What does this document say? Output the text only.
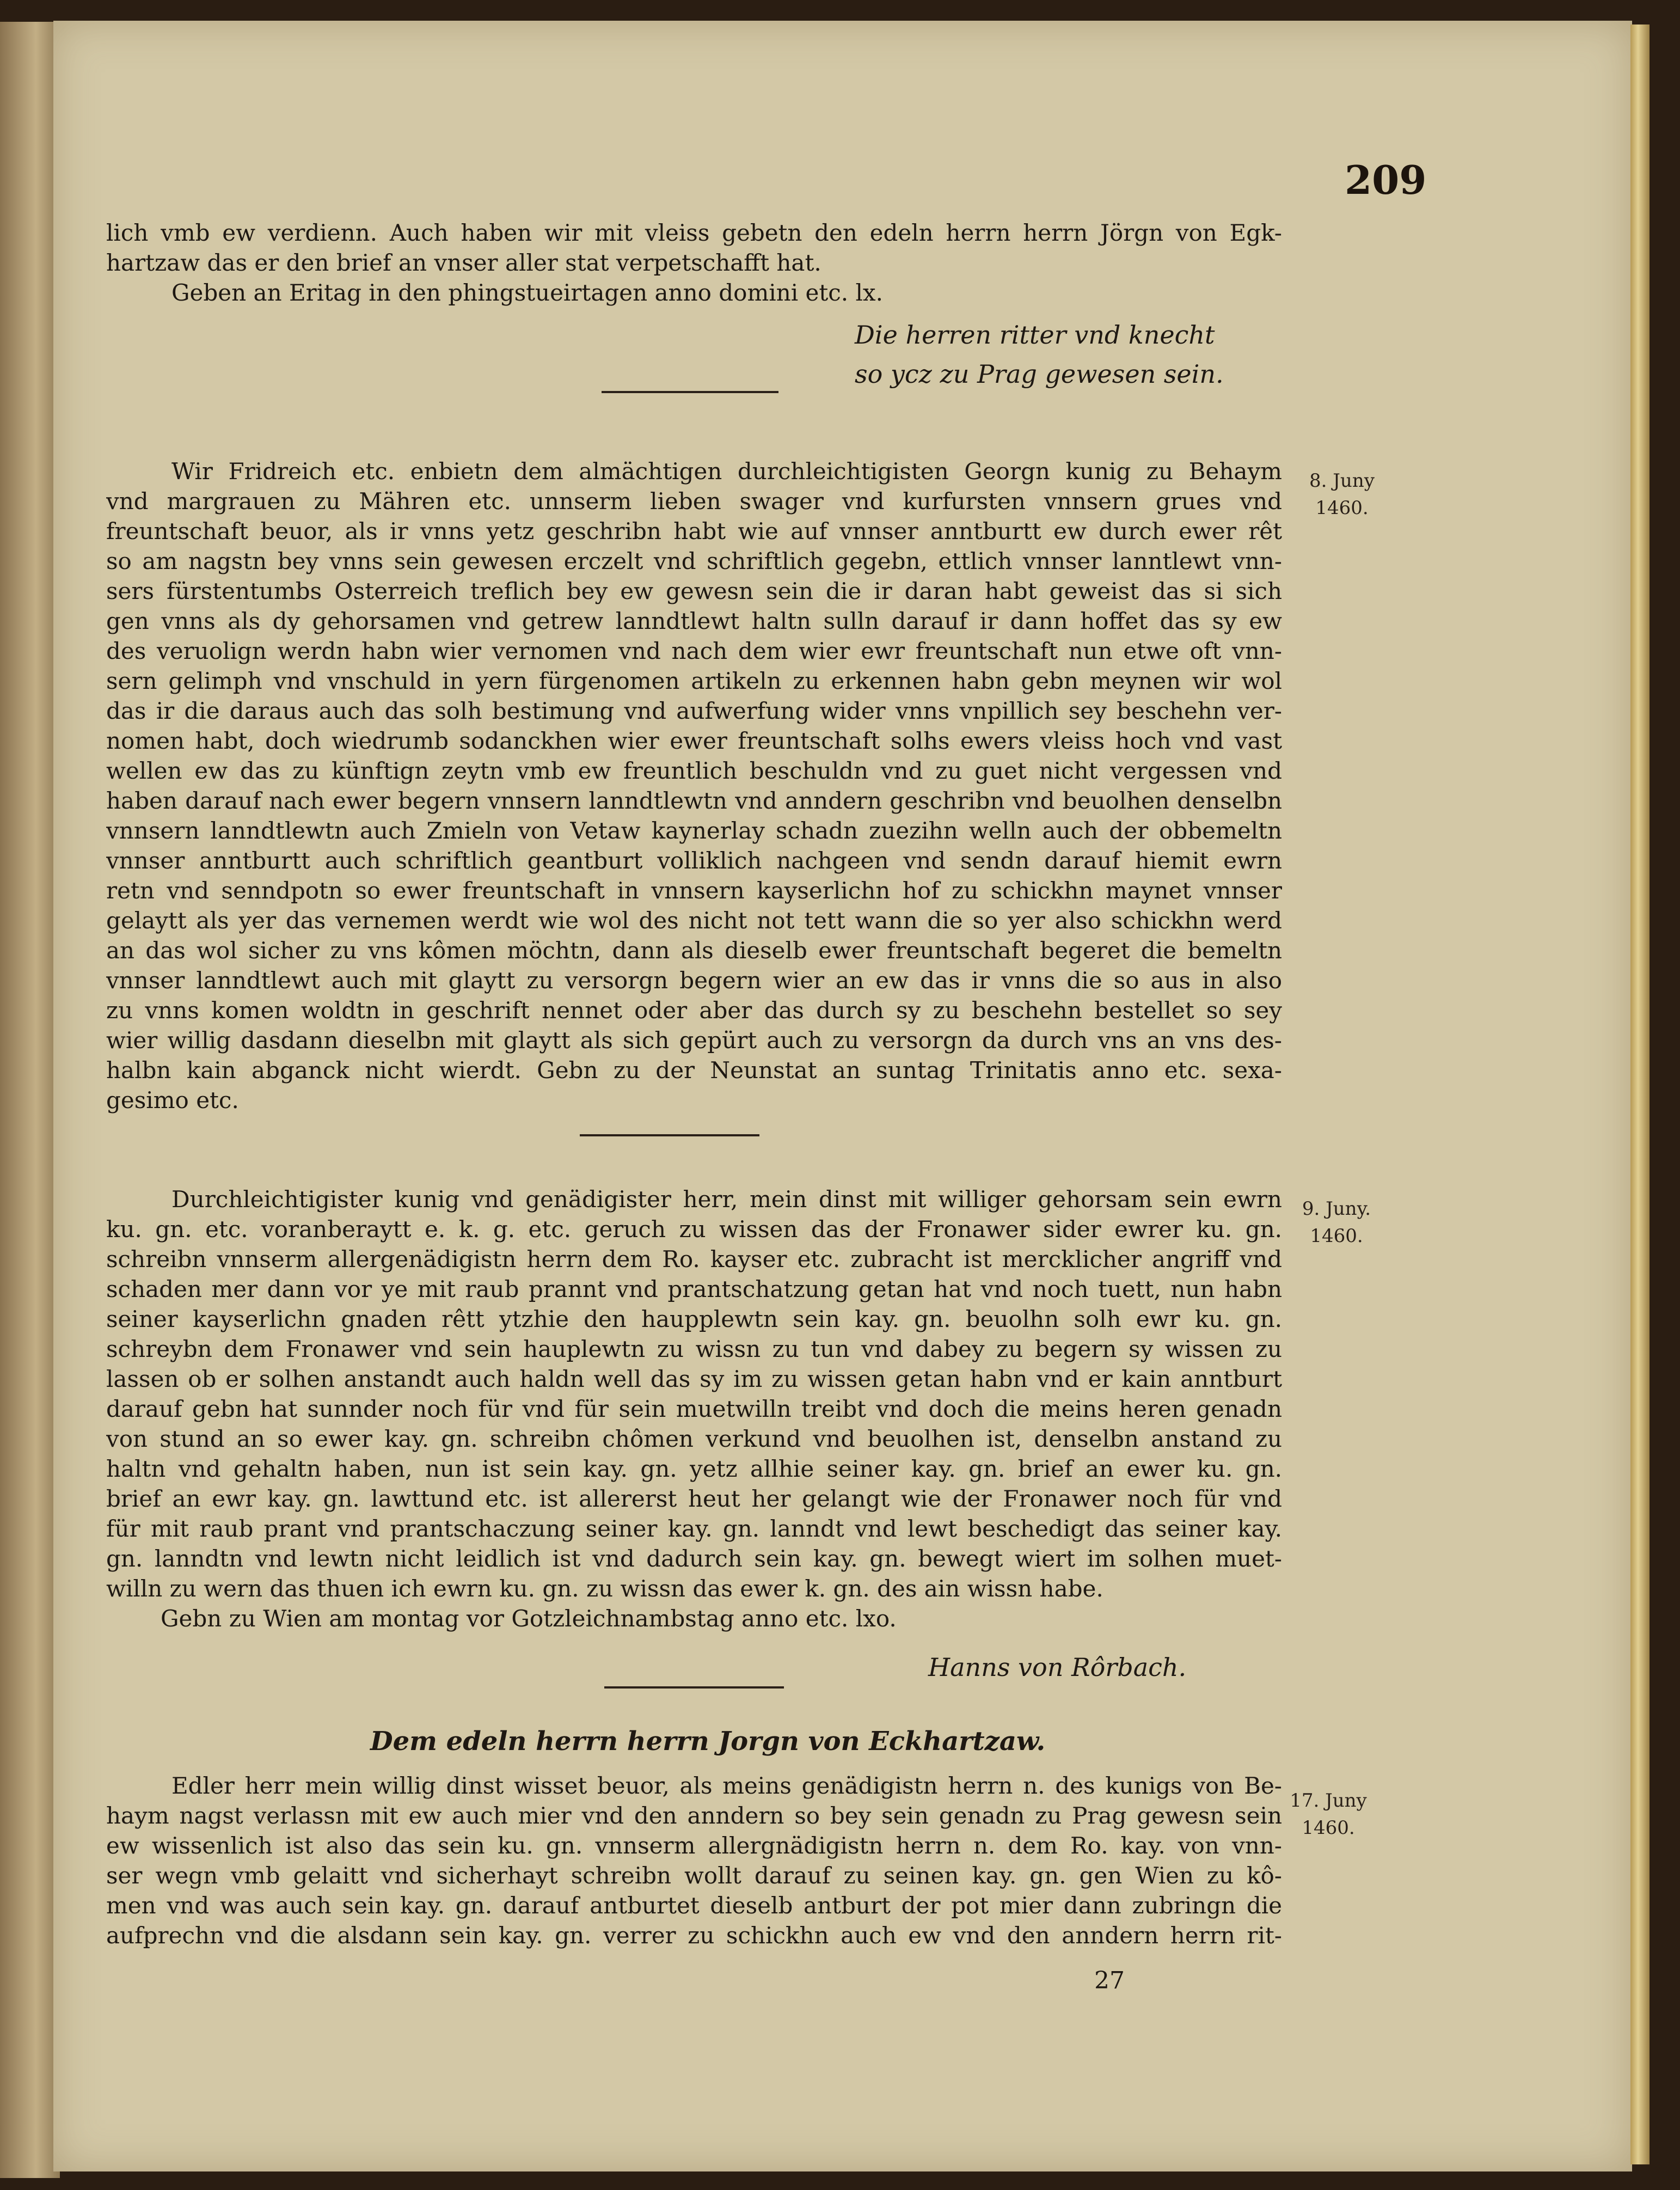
209
lich vmb ew verdienn. Auch haben wir mit vleiss gebetn den edeln herrn herrn Jörgn von Egk-
hartzaw das er den brief an vnser aller stat verpetschafft hat.
Geben an Eritag in den phingstueirtagen anno domini etc. lx.
Die herren ritter vnd knecht
so ycz zu Prag gewesen sein.
8. Juny
1460.
Wir Fridreich etc. enbietn dem almächtigen durchleichtigisten Georgn kunig zu Behaym
vnd margrauen zu Mähren etc. unnserm lieben swager vnd kurfursten vnnsern grues vnd
freuntschaft beuor, als ir vnns yetz geschribn habt wie auf vnnser anntburtt ew durch ewer rêt
so am nagstn bey vnns sein gewesen erczelt vnd schriftlich gegebn, ettlich vnnser lanntlewt vnn-
sers fürstentumbs Osterreich treflich bey ew gewesn sein die ir daran habt geweist das si sich
gen vnns als dy gehorsamen vnd getrew lanndtlewt haltn sulln darauf ir dann hoffet das sy ew
des veruolign werdn habn wier vernomen vnd nach dem wier ewr freuntschaft nun etwe oft vnn-
sern gelimph vnd vnschuld in yern fürgenomen artikeln zu erkennen habn gebn meynen wir wol
das ir die daraus auch das solh bestimung vnd aufwerfung wider vnns vnpillich sey beschehn ver-
nomen habt, doch wiedrumb sodanckhen wier ewer freuntschaft solhs ewers vleiss hoch vnd vast
wellen ew das zu künftign zeytn vmb ew freuntlich beschuldn vnd zu guet nicht vergessen vnd
haben darauf nach ewer begern vnnsern lanndtlewtn vnd anndern geschribn vnd beuolhen denselbn
vnnsern lanndtlewtn auch Zmieln von Vetaw kaynerlay schadn zuezihn welln auch der obbemeltn
vnnser anntburtt auch schriftlich geantburt volliklich nachgeen vnd sendn darauf hiemit ewrn
retn vnd senndpotn so ewer freuntschaft in vnnsern kayserlichn hof zu schickhn maynet vnnser
gelaytt als yer das vernemen werdt wie wol des nicht not tett wann die so yer also schickhn werd
an das wol sicher zu vns kômen möchtn, dann als dieselb ewer freuntschaft begeret die bemeltn
vnnser lanndtlewt auch mit glaytt zu versorgn begern wier an ew das ir vnns die so aus in also
zu vnns komen woldtn in geschrift nennet oder aber das durch sy zu beschehn bestellet so sey
wier willig dasdann dieselbn mit glaytt als sich gepürt auch zu versorgn da durch vns an vns des-
halbn kain abganck nicht wierdt. Gebn zu der Neunstat an suntag Trinitatis anno etc. sexa-
gesimo etc.
9. Juny.
1460.
Durchleichtigister kunig vnd genädigister herr, mein dinst mit williger gehorsam sein ewrn
ku. gn. etc. voranberaytt e. k. g. etc. geruch zu wissen das der Fronawer sider ewrer ku. gn.
schreibn vnnserm allergenädigistn herrn dem Ro. kayser etc. zubracht ist mercklicher angriff vnd
schaden mer dann vor ye mit raub prannt vnd prantschatzung getan hat vnd noch tuett, nun habn
seiner kayserlichn gnaden rêtt ytzhie den haupplewtn sein kay. gn. beuolhn solh ewr ku. gn.
schreybn dem Fronawer vnd sein hauplewtn zu wissn zu tun vnd dabey zu begern sy wissen zu
lassen ob er solhen anstandt auch haldn well das sy im zu wissen getan habn vnd er kain anntburt
darauf gebn hat sunnder noch für vnd für sein muetwilln treibt vnd doch die meins heren genadn
von stund an so ewer kay. gn. schreibn chômen verkund vnd beuolhen ist, denselbn anstand zu
haltn vnd gehaltn haben, nun ist sein kay. gn. yetz allhie seiner kay. gn. brief an ewer ku. gn.
brief an ewr kay. gn. lawttund etc. ist allererst heut her gelangt wie der Fronawer noch für vnd
für mit raub prant vnd prantschaczung seiner kay. gn. lanndt vnd lewt beschedigt das seiner kay.
gn. lanndtn vnd lewtn nicht leidlich ist vnd dadurch sein kay. gn. bewegt wiert im solhen muet-
willn zu wern das thuen ich ewrn ku. gn. zu wissn das ewer k. gn. des ain wissn habe.
Gebn zu Wien am montag vor Gotzleichnambstag anno etc. lxo.
Hanns von Rôrbach.
Dem edeln herrn herrn Jorgn von Eckhartzaw.
17. Juny
1460.
Edler herr mein willig dinst wisset beuor, als meins genädigistn herrn n. des kunigs von Be-
haym nagst verlassn mit ew auch mier vnd den anndern so bey sein genadn zu Prag gewesn sein
ew wissenlich ist also das sein ku. gn. vnnserm allergnädigistn herrn n. dem Ro. kay. von vnn-
ser wegn vmb gelaitt vnd sicherhayt schreibn wollt darauf zu seinen kay. gn. gen Wien zu kô-
men vnd was auch sein kay. gn. darauf antburtet dieselb antburt der pot mier dann zubringn die
aufprechn vnd die alsdann sein kay. gn. verrer zu schickhn auch ew vnd den anndern herrn rit-
27
